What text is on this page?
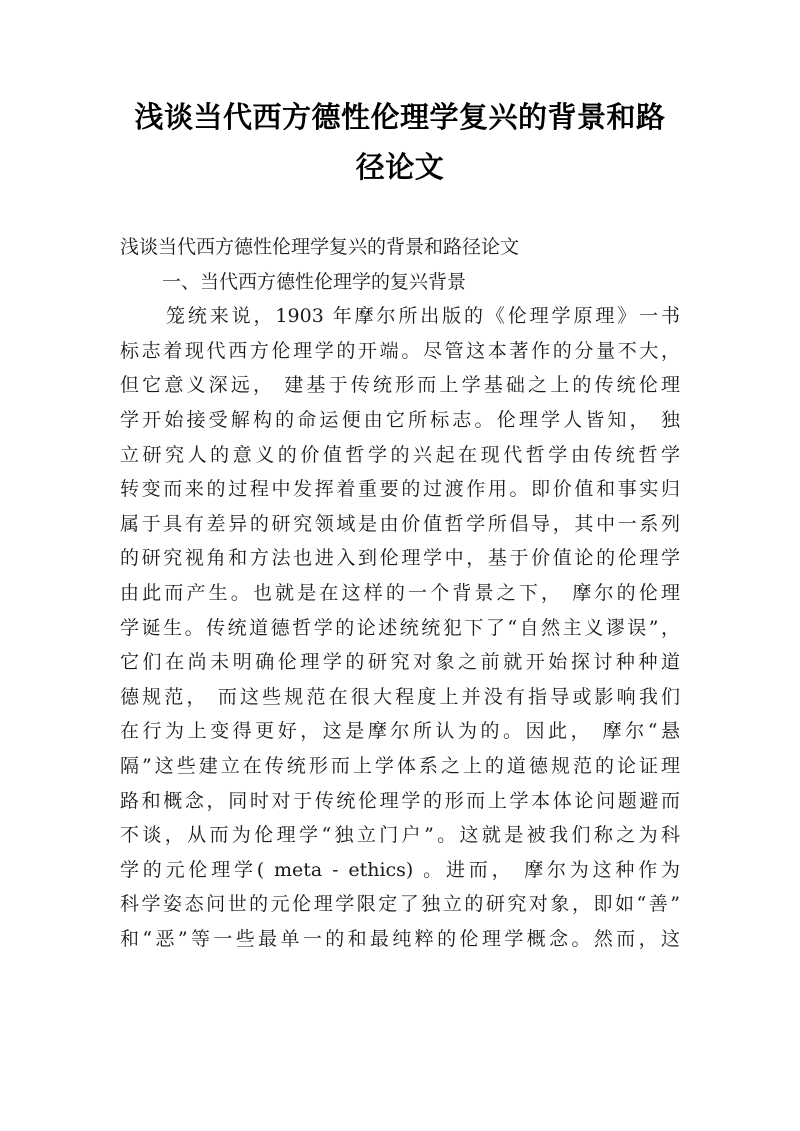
浅谈当代西方德性伦理学复兴的背景和路
径论文
浅谈当代西方德性伦理学复兴的背景和路径论文
一、当代西方德性伦理学的复兴背景
笼统来说，1903 年摩尔所出版的《伦理学原理》一书
标志着现代西方伦理学的开端。尽管这本著作的分量不大，
但它意义深远， 建基于传统形而上学基础之上的传统伦理
学开始接受解构的命运便由它所标志。伦理学人皆知， 独
立研究人的意义的价值哲学的兴起在现代哲学由传统哲学
转变而来的过程中发挥着重要的过渡作用。即价值和事实归
属于具有差异的研究领域是由价值哲学所倡导，其中一系列
的研究视角和方法也进入到伦理学中，基于价值论的伦理学
由此而产生。也就是在这样的一个背景之下， 摩尔的伦理
学诞生。传统道德哲学的论述统统犯下了“自然主义谬误”，
它们在尚未明确伦理学的研究对象之前就开始探讨种种道
德规范， 而这些规范在很大程度上并没有指导或影响我们
在行为上变得更好，这是摩尔所认为的。因此， 摩尔“悬
隔”这些建立在传统形而上学体系之上的道德规范的论证理
路和概念，同时对于传统伦理学的形而上学本体论问题避而
不谈，从而为伦理学“独立门户”。这就是被我们称之为科
学的元伦理学( meta - ethics) 。进而， 摩尔为这种作为
科学姿态问世的元伦理学限定了独立的研究对象，即如“善”
和“恶”等一些最单一的和最纯粹的伦理学概念。然而，这
